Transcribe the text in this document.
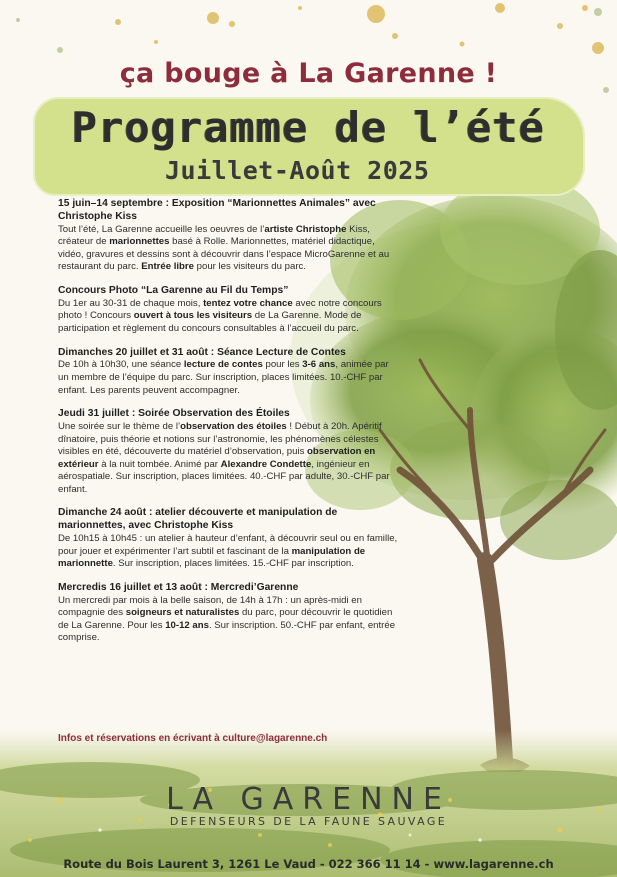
ça bouge à La Garenne !
Programme de l’été
Juillet-Août 2025
15 juin–14 septembre : Exposition “Marionnettes Animales” avec Christophe Kiss
Tout l’été, La Garenne accueille les oeuvres de l’artiste Christophe Kiss, créateur de marionnettes basé à Rolle. Marionnettes, matériel didactique, vidéo, gravures et dessins sont à découvrir dans l’espace MicroGarenne et au restaurant du parc. Entrée libre pour les visiteurs du parc.
Concours Photo “La Garenne au Fil du Temps”
Du 1er au 30-31 de chaque mois, tentez votre chance avec notre concours photo ! Concours ouvert à tous les visiteurs de La Garenne. Mode de participation et règlement du concours consultables à l’accueil du parc.
Dimanches 20 juillet et 31 août : Séance Lecture de Contes
De 10h à 10h30, une séance lecture de contes pour les 3-6 ans, animée par un membre de l’équipe du parc. Sur inscription, places limitées. 10.-CHF par enfant. Les parents peuvent accompagner.
Jeudi 31 juillet : Soirée Observation des Étoiles
Une soirée sur le thème de l’observation des étoiles ! Début à 20h. Apéritif dînatoire, puis théorie et notions sur l’astronomie, les phénomènes célestes visibles en été, découverte du matériel d’observation, puis observation en extérieur à la nuit tombée. Animé par Alexandre Condette, ingénieur en aérospatiale. Sur inscription, places limitées. 40.-CHF par adulte, 30.-CHF par enfant.
Dimanche 24 août : atelier découverte et manipulation de marionnettes, avec Christophe Kiss
De 10h15 à 10h45 : un atelier à hauteur d’enfant, à découvrir seul ou en famille, pour jouer et expérimenter l’art subtil et fascinant de la manipulation de marionnette. Sur inscription, places limitées. 15.-CHF par inscription.
Mercredis 16 juillet et 13 août : Mercredi’Garenne
Un mercredi par mois à la belle saison, de 14h à 17h : un après-midi en compagnie des soigneurs et naturalistes du parc, pour découvrir le quotidien de La Garenne. Pour les 10-12 ans. Sur inscription. 50.-CHF par enfant, entrée comprise.
Infos et réservations en écrivant à culture@lagarenne.ch
LA GARENNE
DEFENSEURS DE LA FAUNE SAUVAGE
Route du Bois Laurent 3, 1261 Le Vaud - 022 366 11 14 - www.lagarenne.ch
